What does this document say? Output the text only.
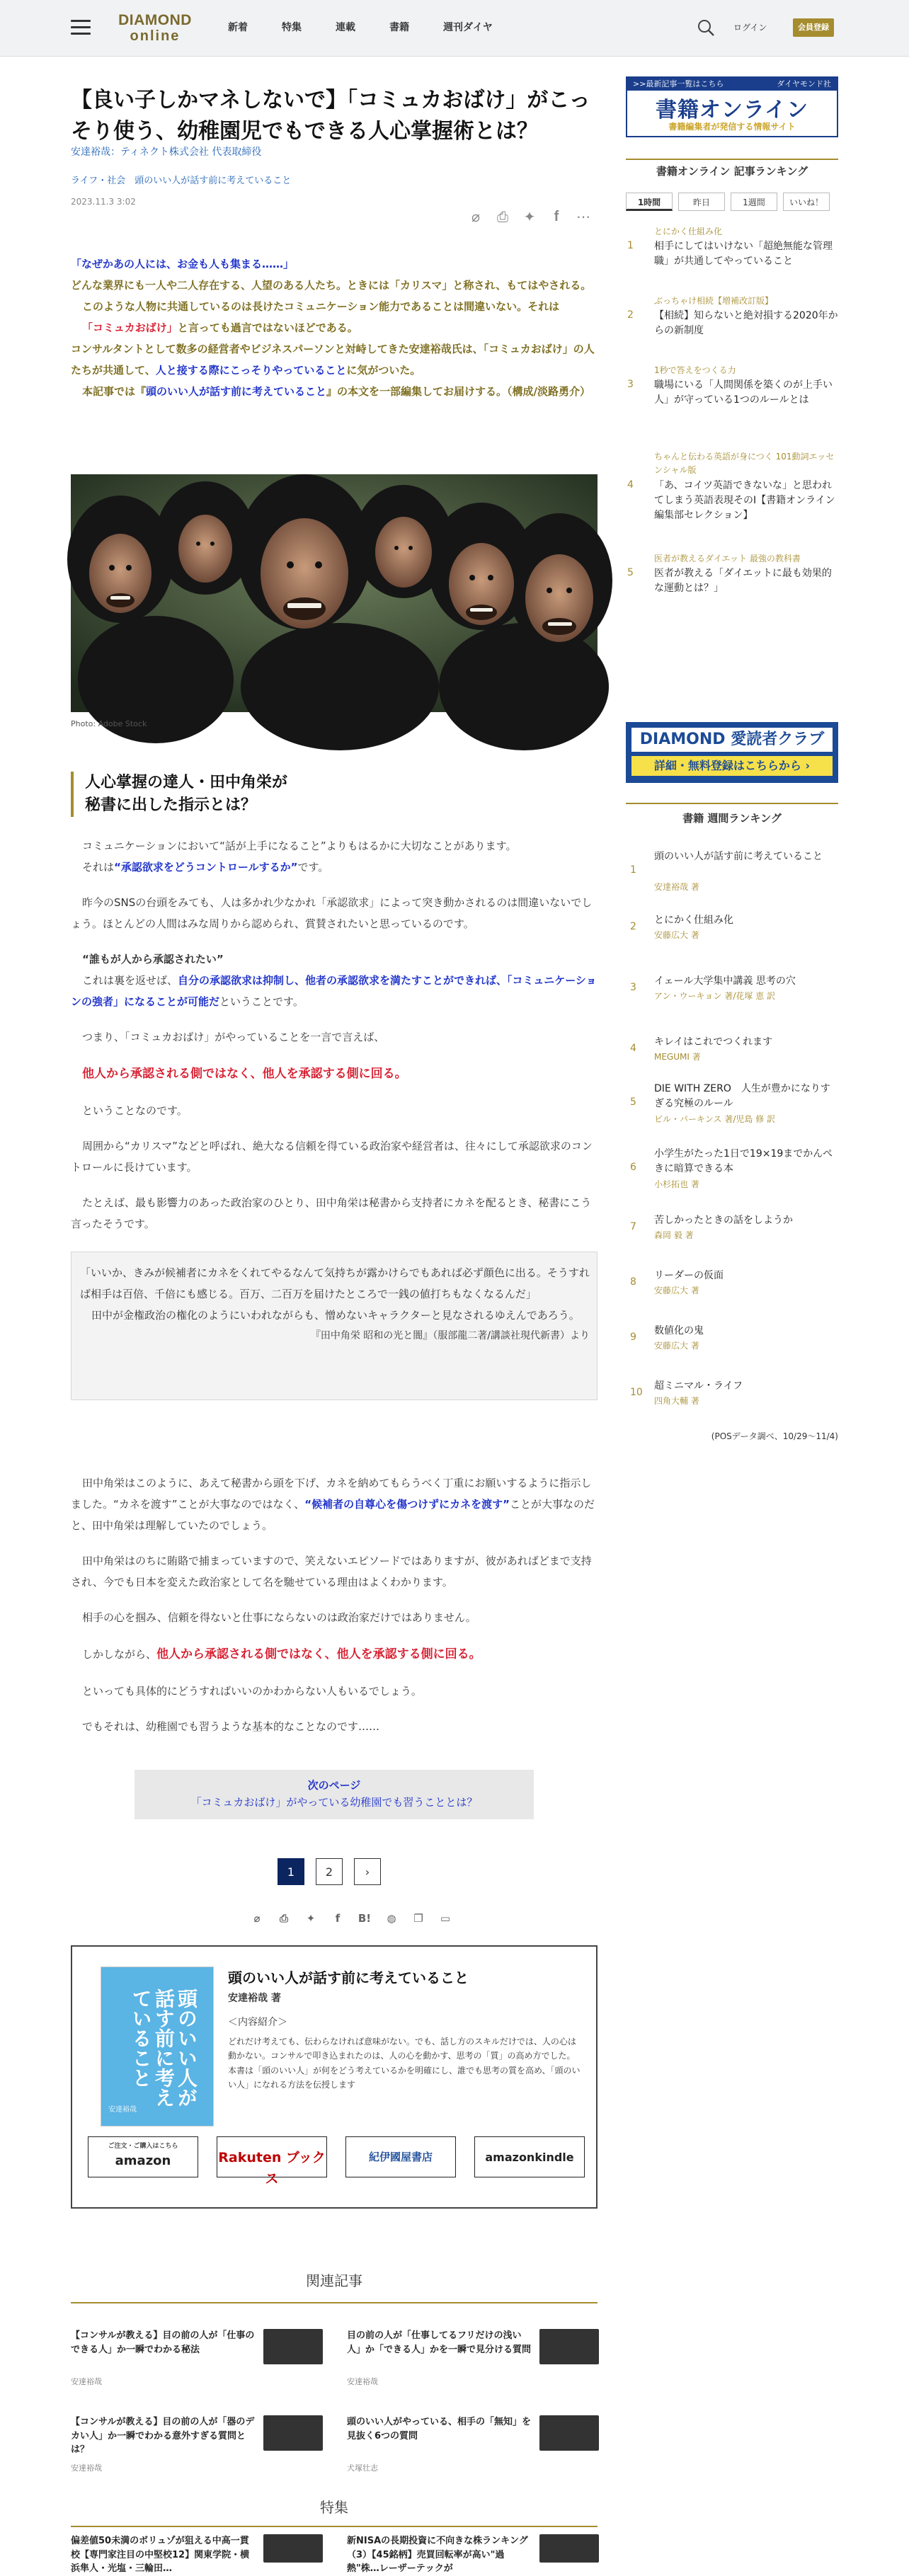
DIAMOND
online
新着	特集	連載	書籍	週刊ダイヤ	ログイン	会員登録
【良い子しかマネしないで】「コミュカおばけ」がこっそり使う、幼稚園児でもできる人心掌握術とは？
安達裕哉：ティネクト株式会社 代表取締役
ライフ・社会　頭のいい人が話す前に考えていること
2023.11.3 3:02
⌀ ⎙ ✦	f	⋯

「なぜかあの人には、お金も人も集まる……」

どんな業界にも一人や二人存在する、人望のある人たち。ときには「カリスマ」と称され、もてはやされる。

このような人物に共通しているのは長けたコミュニケーション能力であることは間違いない。それは
「コミュカおばけ」と言っても過言ではないほどである。

コンサルタントとして数多の経営者やビジネスパーソンと対峙してきた安達裕哉氏は、「コミュカおばけ」の人たちが共通して、人と接する際にこっそりやっていることに気がついた。

本記事では『頭のいい人が話す前に考えていること』の本文を一部編集してお届けする。（構成/淡路勇介）

Photo: Adobe Stock
人心掌握の達人・田中角栄が
秘書に出した指示とは？

コミュニケーションにおいて“話が上手になること”よりもはるかに大切なことがあります。
それは“承認欲求をどうコントロールするか”です。

昨今のSNSの台頭をみても、人は多かれ少なかれ「承認欲求」によって突き動かされるのは間違いないでしょう。ほとんどの人間はみな周りから認められ、賞賛されたいと思っているのです。

“誰もが人から承認されたい”

これは裏を返せば、自分の承認欲求は抑制し、他者の承認欲求を満たすことができれば、「コミュニケーションの強者」になることが可能だということです。

つまり、「コミュカおばけ」がやっていることを一言で言えば、

他人から承認される側ではなく、他人を承認する側に回る。

ということなのです。

周囲から“カリスマ”などと呼ばれ、絶大なる信頼を得ている政治家や経営者は、往々にして承認欲求のコントロールに長けています。

たとえば、最も影響力のあった政治家のひとり、田中角栄は秘書から支持者にカネを配るとき、秘書にこう言ったそうです。

「いいか、きみが候補者にカネをくれてやるなんて気持ちが露かけらでもあれば必ず顔色に出る。そうすれば相手は百倍、千倍にも感じる。百万、二百万を届けたところで一銭の値打ちもなくなるんだ」
田中が金権政治の権化のようにいわれながらも、憎めないキャラクターと見なされるゆえんであろう。
『田中角栄 昭和の光と闇』（服部龍二著/講談社現代新書）より

田中角栄はこのように、あえて秘書から頭を下げ、カネを納めてもらうべく丁重にお願いするように指示しました。“カネを渡す”ことが大事なのではなく、“候補者の自尊心を傷つけずにカネを渡す”ことが大事なのだと、田中角栄は理解していたのでしょう。

田中角栄はのちに賄賂で捕まっていますので、笑えないエピソードではありますが、彼があればどまで支持され、今でも日本を変えた政治家として名を馳せている理由はよくわかります。

相手の心を掴み、信頼を得ないと仕事にならないのは政治家だけではありません。

しかしながら、他人から承認される側ではなく、他人を承認する側に回る。

といっても具体的にどうすればいいのかわからない人もいるでしょう。

でもそれは、幼稚園でも習うような基本的なことなのです……

次のページ
「コミュカおばけ」がやっている幼稚園でも習うこととは？
1	2	›
⌀	⎙	✦	f	B!	◍	❐	▭
頭のいい人が話す前に考えていること
安達裕哉
頭のいい人が話す前に考えていること
安達裕哉 著
＜内容紹介＞
どれだけ考えても、伝わらなければ意味がない。でも、話し方のスキルだけでは、人の心は動かない。コンサルで叩き込まれたのは、人の心を動かす、思考の「質」の高め方でした。本書は「頭のいい人」が何をどう考えているかを明確にし、誰でも思考の質を高め、「頭のいい人」になれる方法を伝授します
ご注文・ご購入はこちら
amazon	Rakuten ブックス
紀伊國屋書店	amazonkindle
関連記事
【コンサルが教える】目の前の人が「仕事のできる人」か一瞬でわかる秘法
安達裕哉
目の前の人が「仕事してるフリだけの浅い人」か「できる人」かを一瞬で見分ける質問
安達裕哉
【コンサルが教える】目の前の人が「器のデカい人」か一瞬でわかる意外すぎる質問とは？
安達裕哉
頭のいい人がやっている、相手の「無知」を見抜く6つの質問
犬塚壮志
特集
偏差値50未満のボリュゾが狙える中高一貫校【専門家注目の中堅校12】関東学院・横浜隼人・光塩・三輪田…
新NISAの長期投資に不向きな株ランキング（3）【45銘柄】売買回転率が高い"過熱"株…レーザーテックが
>>最新記事一覧はこちら	ダイヤモンド社
書籍オンライン
書籍編集者が発信する情報サイト
書籍オンライン 記事ランキング
1時間	昨日	1週間	いいね！
とにかく仕組み化
1 相手にしてはいけない「超絶無能な管理職」が共通してやっていること
ぶっちゃけ相続【増補改訂版】
2 【相続】知らないと絶対損する2020年からの新制度
1秒で答えをつくる力
3 職場にいる「人間関係を築くのが上手い人」が守っている1つのルールとは
ちゃんと伝わる英語が身につく 101動詞エッセンシャル版
4 「あ、コイツ英語できないな」と思われてしまう英語表現そのⅠ【書籍オンライン編集部セレクション】
医者が教えるダイエット 最強の教科書
5 医者が教える「ダイエットに最も効果的な運動とは？」
DIAMOND 愛読者クラブ
詳細・無料登録はこちらから ›
書籍 週間ランキング
1
頭のいい人が話す前に考えていること
安達裕哉 著
2
とにかく仕組み化
安藤広大 著
3
イェール大学集中講義 思考の穴
アン・ウーキョン 著/花塚 恵 訳
4
キレイはこれでつくれます
MEGUMI 著
5
DIE WITH ZERO　人生が豊かになりすぎる究極のルール
ビル・パーキンス 著/児島 修 訳
6
小学生がたった1日で19×19までかんぺきに暗算できる本
小杉拓也 著
7
苦しかったときの話をしようか
森岡 毅 著
8
リーダーの仮面
安藤広大 著
9
数値化の鬼
安藤広大 著
10
超ミニマル・ライフ
四角大輔 著
(POSデータ調べ、10/29〜11/4)
